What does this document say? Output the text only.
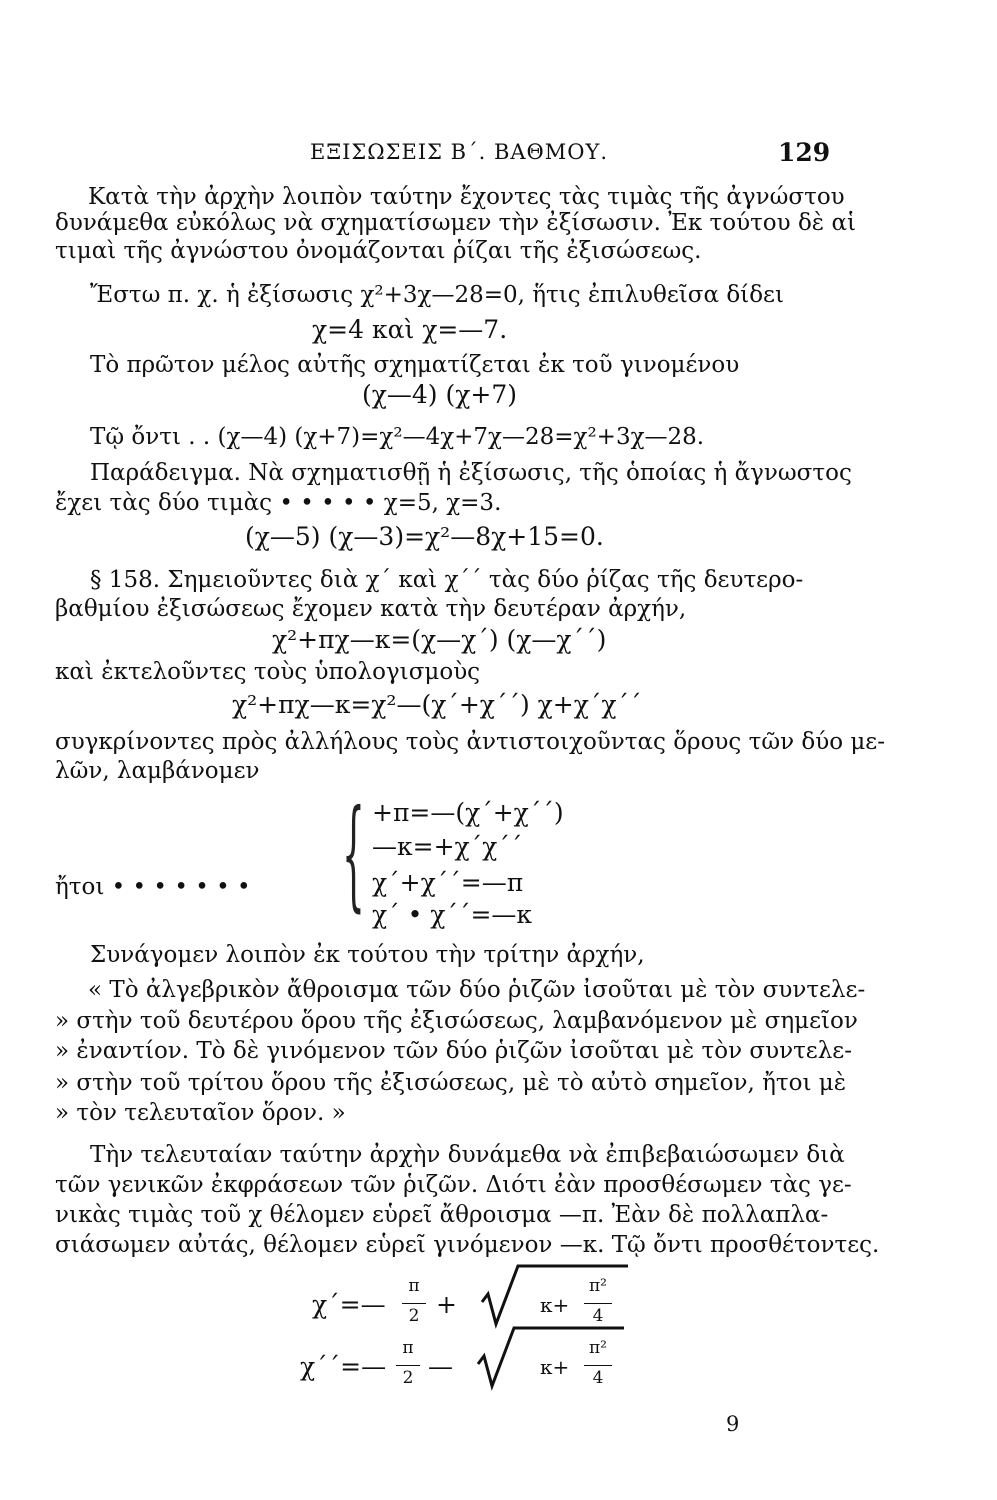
ΕΞΙΣΩΣΕΙΣ Β΄. ΒΑΘΜΟΥ.	129
Κατὰ τὴν ἀρχὴν λοιπὸν ταύτην ἔχοντες τὰς τιμὰς τῆς ἀγνώστου
δυνάμεθα εὐκόλως νὰ σχηματίσωμεν τὴν ἐξίσωσιν. Ἐκ τούτου δὲ αἱ
τιμαὶ τῆς ἀγνώστου ὀνομάζονται ῥίζαι τῆς ἐξισώσεως.
Ἔστω π. χ. ἡ ἐξίσωσις χ²+3χ—28=0, ἥτις ἐπιλυθεῖσα δίδει
χ=4 καὶ χ=—7.
Τὸ πρῶτον μέλος αὐτῆς σχηματίζεται ἐκ τοῦ γινομένου
(χ—4) (χ+7)
Τῷ ὄντι . . (χ—4) (χ+7)=χ²—4χ+7χ—28=χ²+3χ—28.
Παράδειγμα. Νὰ σχηματισθῇ ἡ ἐξίσωσις, τῆς ὁποίας ἡ ἄγνωστος
ἔχει τὰς δύο τιμὰς • • • • • χ=5, χ=3.
(χ—5) (χ—3)=χ²—8χ+15=0.
§ 158. Σημειοῦντες διὰ χ΄ καὶ χ΄΄ τὰς δύο ῥίζας τῆς δευτερο-
βαθμίου ἐξισώσεως ἔχομεν κατὰ τὴν δευτέραν ἀρχήν,
χ²+πχ—κ=(χ—χ΄) (χ—χ΄΄)
καὶ ἐκτελοῦντες τοὺς ὑπολογισμοὺς
χ²+πχ—κ=χ²—(χ΄+χ΄΄) χ+χ΄χ΄΄
συγκρίνοντες πρὸς ἀλλήλους τοὺς ἀντιστοιχοῦντας ὅρους τῶν δύο με-
λῶν, λαμβάνομεν
{ +π=—(χ΄+χ΄΄)
—κ=+χ΄χ΄΄
ἤτοι • • • • • • •	χ΄+χ΄΄=—π
χ΄ • χ΄΄=—κ
Συνάγομεν λοιπὸν ἐκ τούτου τὴν τρίτην ἀρχήν,
« Τὸ ἀλγεβρικὸν ἄθροισμα τῶν δύο ῥιζῶν ἰσοῦται μὲ τὸν συντελε-
» στὴν τοῦ δευτέρου ὅρου τῆς ἐξισώσεως, λαμβανόμενον μὲ σημεῖον
» ἐναντίον. Τὸ δὲ γινόμενον τῶν δύο ῥιζῶν ἰσοῦται μὲ τὸν συντελε-
» στὴν τοῦ τρίτου ὅρου τῆς ἐξισώσεως, μὲ τὸ αὐτὸ σημεῖον, ἤτοι μὲ
» τὸν τελευταῖον ὅρον. »
Τὴν τελευταίαν ταύτην ἀρχὴν δυνάμεθα νὰ ἐπιβεβαιώσωμεν διὰ
τῶν γενικῶν ἐκφράσεων τῶν ῥιζῶν. Διότι ἐὰν προσθέσωμεν τὰς γε-
νικὰς τιμὰς τοῦ χ θέλομεν εὑρεῖ ἄθροισμα —π. Ἐὰν δὲ πολλαπλα-
σιάσωμεν αὐτάς, θέλομεν εὑρεῖ γινόμενον —κ. Τῷ ὄντι προσθέτοντες.
χ΄=—
π
2 +	κ+
π²
4
χ΄΄=—
π
2 —	κ+
π²
4
9
